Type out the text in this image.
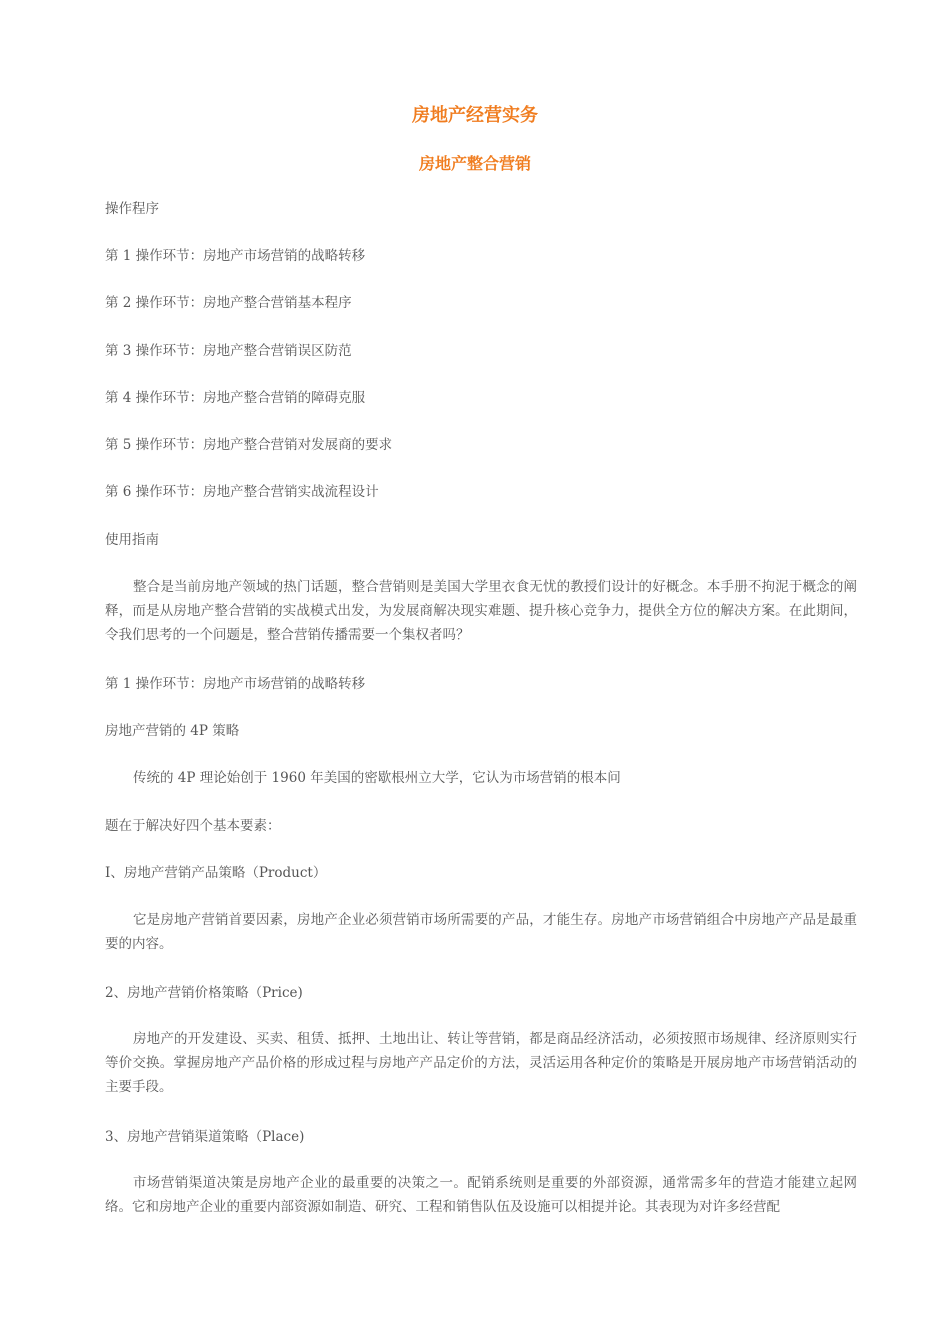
房地产经营实务
房地产整合营销
操作程序
第 1 操作环节：房地产市场营销的战略转移
第 2 操作环节：房地产整合营销基本程序
第 3 操作环节：房地产整合营销误区防范
第 4 操作环节：房地产整合营销的障碍克服
第 5 操作环节：房地产整合营销对发展商的要求
第 6 操作环节：房地产整合营销实战流程设计
使用指南
整合是当前房地产领域的热门话题，整合营销则是美国大学里衣食无忧的教授们设计的好概念。本手册不拘泥于概念的阐释，而是从房地产整合营销的实战模式出发，为发展商解决现实难题、提升核心竞争力，提供全方位的解决方案。在此期间，令我们思考的一个问题是，整合营销传播需要一个集权者吗？
第 1 操作环节：房地产市场营销的战略转移
房地产营销的 4P 策略
传统的 4P 理论始创于 1960 年美国的密歇根州立大学，它认为市场营销的根本问
题在于解决好四个基本要素：
I、房地产营销产品策略（Product）
它是房地产营销首要因素，房地产企业必须营销市场所需要的产品，才能生存。房地产市场营销组合中房地产产品是最重要的内容。
2、房地产营销价格策略（Price)
房地产的开发建设、买卖、租赁、抵押、土地出让、转让等营销，都是商品经济活动，必须按照市场规律、经济原则实行等价交换。掌握房地产产品价格的形成过程与房地产产品定价的方法，灵活运用各种定价的策略是开展房地产市场营销活动的主要手段。
3、房地产营销渠道策略（Place)
市场营销渠道决策是房地产企业的最重要的决策之一。配销系统则是重要的外部资源，通常需多年的营造才能建立起网络。它和房地产企业的重要内部资源如制造、研究、工程和销售队伍及设施可以相提并论。其表现为对许多经营配
